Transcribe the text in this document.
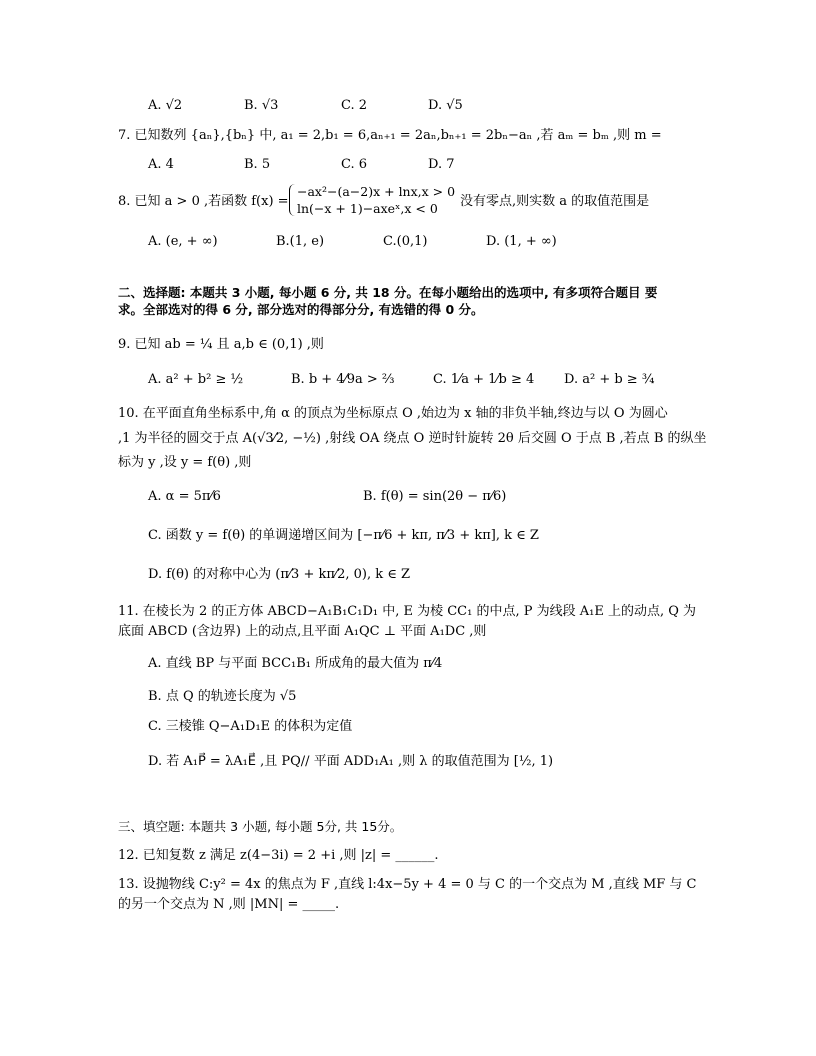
A. √2	B. √3	C. 2	D. √5
7. 已知数列 {aₙ},{bₙ} 中, a₁ = 2,b₁ = 6,aₙ₊₁ = 2aₙ,bₙ₊₁ = 2bₙ−aₙ ,若 aₘ = bₘ ,则 m =
A. 4	B. 5	C. 6	D. 7
8. 已知 a > 0 ,若函数 f(x) =
−ax²−(a−2)x + lnx,x > 0
ln(−x + 1)−axeˣ,x < 0 没有零点,则实数 a 的取值范围是
A. (e, + ∞)	B.(1, e)	C.(0,1)	D. (1, + ∞)
二、选择题: 本题共 3 小题, 每小题 6 分, 共 18 分。在每小题给出的选项中, 有多项符合题目 要
求。全部选对的得 6 分, 部分选对的得部分分, 有选错的得 0 分。
9. 已知 ab = ¼ 且 a,b ∈ (0,1) ,则
A. a² + b² ≥ ½	B. b + 4⁄9a > ⅔	C. 1⁄a + 1⁄b ≥ 4 D. a² + b ≥ ¾
10. 在平面直角坐标系中,角 α 的顶点为坐标原点 O ,始边为 x 轴的非负半轴,终边与以 O 为圆心
,1 为半径的圆交于点 A(√3⁄2, −½) ,射线 OA 绕点 O 逆时针旋转 2θ 后交圆 O 于点 B ,若点 B 的纵坐
标为 y ,设 y = f(θ) ,则
A. α = 5π⁄6	B. f(θ) = sin(2θ − π⁄6)
C. 函数 y = f(θ) 的单调递增区间为 [−π⁄6 + kπ, π⁄3 + kπ], k ∈ Z
D. f(θ) 的对称中心为 (π⁄3 + kπ⁄2, 0), k ∈ Z
11. 在棱长为 2 的正方体 ABCD−A₁B₁C₁D₁ 中, E 为棱 CC₁ 的中点, P 为线段 A₁E 上的动点, Q 为
底面 ABCD (含边界) 上的动点,且平面 A₁QC ⊥ 平面 A₁DC ,则
A. 直线 BP 与平面 BCC₁B₁ 所成角的最大值为 π⁄4
B. 点 Q 的轨迹长度为 √5
C. 三棱锥 Q−A₁D₁E 的体积为定值
D. 若 A₁P⃗ = λA₁E⃗ ,且 PQ// 平面 ADD₁A₁ ,则 λ 的取值范围为 [½, 1)
三、填空题: 本题共 3 小题, 每小题 5分, 共 15分。
12. 已知复数 z 满足 z(4−3i) = 2 +i ,则 |z| = ______.
13. 设抛物线 C:y² = 4x 的焦点为 F ,直线 l:4x−5y + 4 = 0 与 C 的一个交点为 M ,直线 MF 与 C
的另一个交点为 N ,则 |MN| = _____.
